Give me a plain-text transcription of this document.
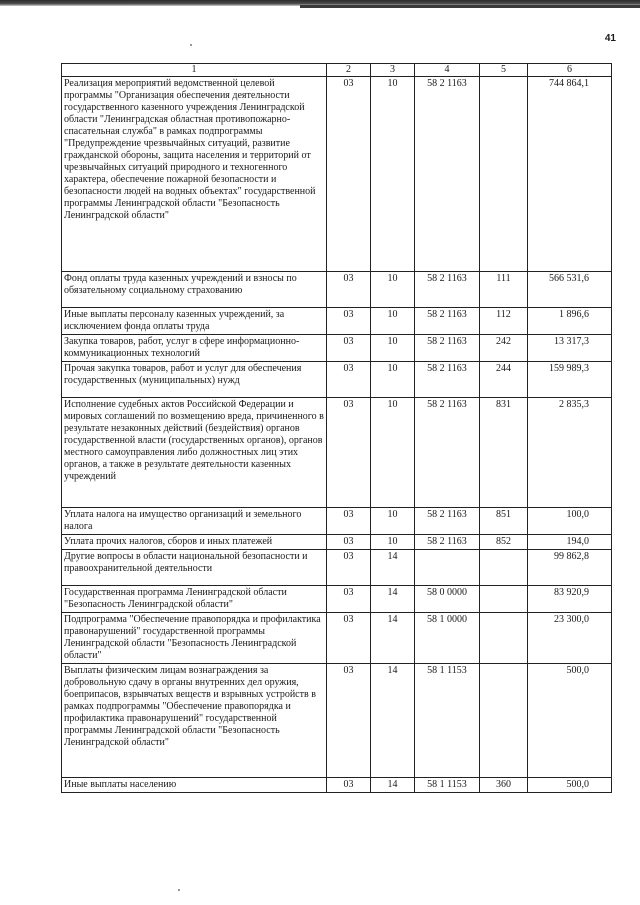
41
1	2	3	4	5	6
Реализация мероприятий ведомственной целевой программы "Организация обеспечения деятельности государственного казенного учреждения Ленинградской области "Ленинградская областная противопожарно-спасательная служба" в рамках подпрограммы "Предупреждение чрезвычайных ситуаций, развитие гражданской обороны, защита населения и территорий от чрезвычайных ситуаций природного и техногенного характера, обеспечение пожарной безопасности и безопасности людей на водных объектах" государственной программы Ленинградской области "Безопасность Ленинградской области"	03	10	58 2 1163		744 864,1
Фонд оплаты труда казенных учреждений и взносы по обязательному социальному страхованию	03	10	58 2 1163	111	566 531,6
Иные выплаты персоналу казенных учреждений, за исключением фонда оплаты труда	03	10	58 2 1163	112	1 896,6
Закупка товаров, работ, услуг в сфере информационно-коммуникационных технологий	03	10	58 2 1163	242	13 317,3
Прочая закупка товаров, работ и услуг для обеспечения государственных (муниципальных) нужд	03	10	58 2 1163	244	159 989,3
Исполнение судебных актов Российской Федерации и мировых соглашений по возмещению вреда, причиненного в результате незаконных действий (бездействия) органов государственной власти (государственных органов), органов местного самоуправления либо должностных лиц этих органов, а также в результате деятельности казенных учреждений	03	10	58 2 1163	831	2 835,3
Уплата налога на имущество организаций и земельного налога	03	10	58 2 1163	851	100,0
Уплата прочих налогов, сборов и иных платежей	03	10	58 2 1163	852	194,0
Другие вопросы в области национальной безопасности и правоохранительной деятельности	03	14			99 862,8
Государственная программа Ленинградской области "Безопасность Ленинградской области"	03	14	58 0 0000		83 920,9
Подпрограмма "Обеспечение правопорядка и профилактика правонарушений" государственной программы Ленинградской области "Безопасность Ленинградской области"	03	14	58 1 0000		23 300,0
Выплаты физическим лицам вознаграждения за добровольную сдачу в органы внутренних дел оружия, боеприпасов, взрывчатых веществ и взрывных устройств в рамках подпрограммы "Обеспечение правопорядка и профилактика правонарушений" государственной программы Ленинградской области "Безопасность Ленинградской области"	03	14	58 1 1153		500,0
Иные выплаты населению	03	14	58 1 1153	360	500,0
